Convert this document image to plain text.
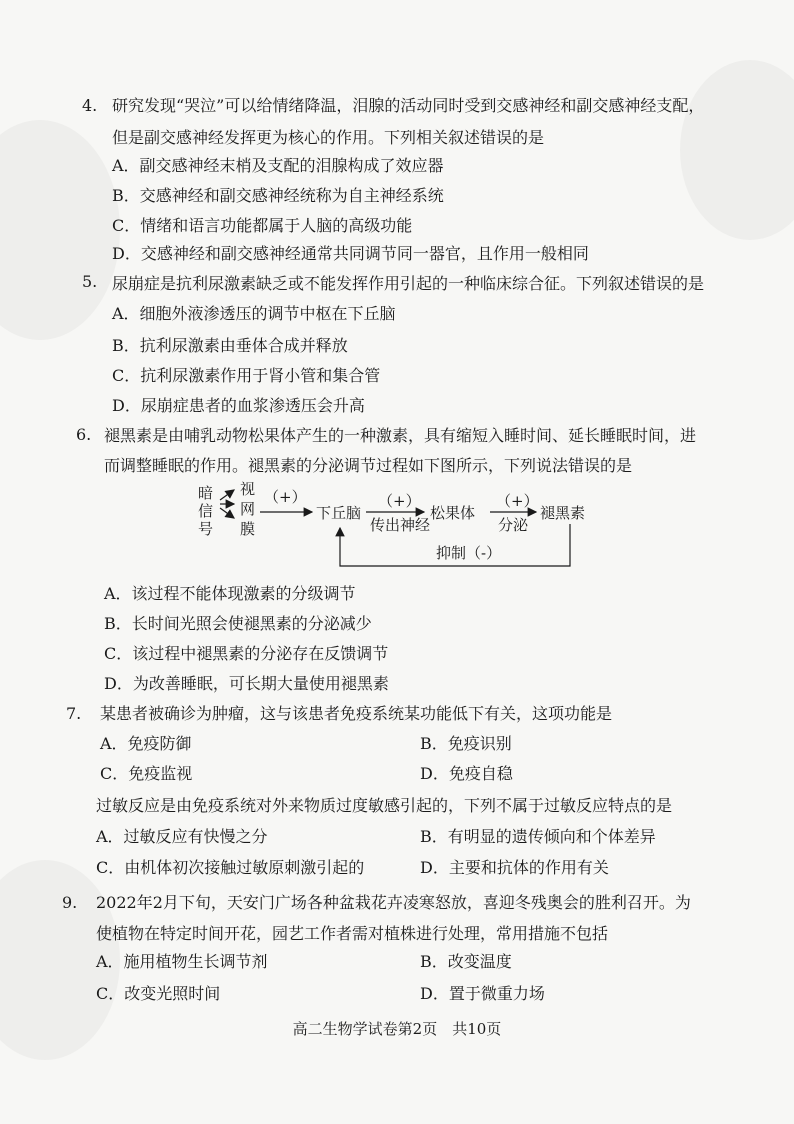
4. 研究发现“哭泣”可以给情绪降温，泪腺的活动同时受到交感神经和副交感神经支配，
但是副交感神经发挥更为核心的作用。下列相关叙述错误的是
A．副交感神经末梢及支配的泪腺构成了效应器
B．交感神经和副交感神经统称为自主神经系统
C．情绪和语言功能都属于人脑的高级功能
D．交感神经和副交感神经通常共同调节同一器官，且作用一般相同
5. 尿崩症是抗利尿激素缺乏或不能发挥作用引起的一种临床综合征。下列叙述错误的是
A．细胞外液渗透压的调节中枢在下丘脑
B．抗利尿激素由垂体合成并释放
C．抗利尿激素作用于肾小管和集合管
D．尿崩症患者的血浆渗透压会升高
6. 褪黑素是由哺乳动物松果体产生的一种激素，具有缩短入睡时间、延长睡眠时间，进
而调整睡眠的作用。褪黑素的分泌调节过程如下图所示，下列说法错误的是
暗
信
号
视
网
膜
（+）
下丘脑
（+）
传出神经
松果体
（+）
分泌
褪黑素
抑制（-）
A．该过程不能体现激素的分级调节
B．长时间光照会使褪黑素的分泌减少
C．该过程中褪黑素的分泌存在反馈调节
D．为改善睡眠，可长期大量使用褪黑素
7. 某患者被确诊为肿瘤，这与该患者免疫系统某功能低下有关，这项功能是
A．免疫防御	B．免疫识别
C．免疫监视	D．免疫自稳
过敏反应是由免疫系统对外来物质过度敏感引起的，下列不属于过敏反应特点的是
A．过敏反应有快慢之分	B．有明显的遗传倾向和个体差异
C．由机体初次接触过敏原刺激引起的	D．主要和抗体的作用有关
9. 2022年2月下旬，天安门广场各种盆栽花卉凌寒怒放，喜迎冬残奥会的胜利召开。为
使植物在特定时间开花，园艺工作者需对植株进行处理，常用措施不包括
A．施用植物生长调节剂	B．改变温度
C．改变光照时间	D．置于微重力场
高二生物学试卷第2页　共10页
